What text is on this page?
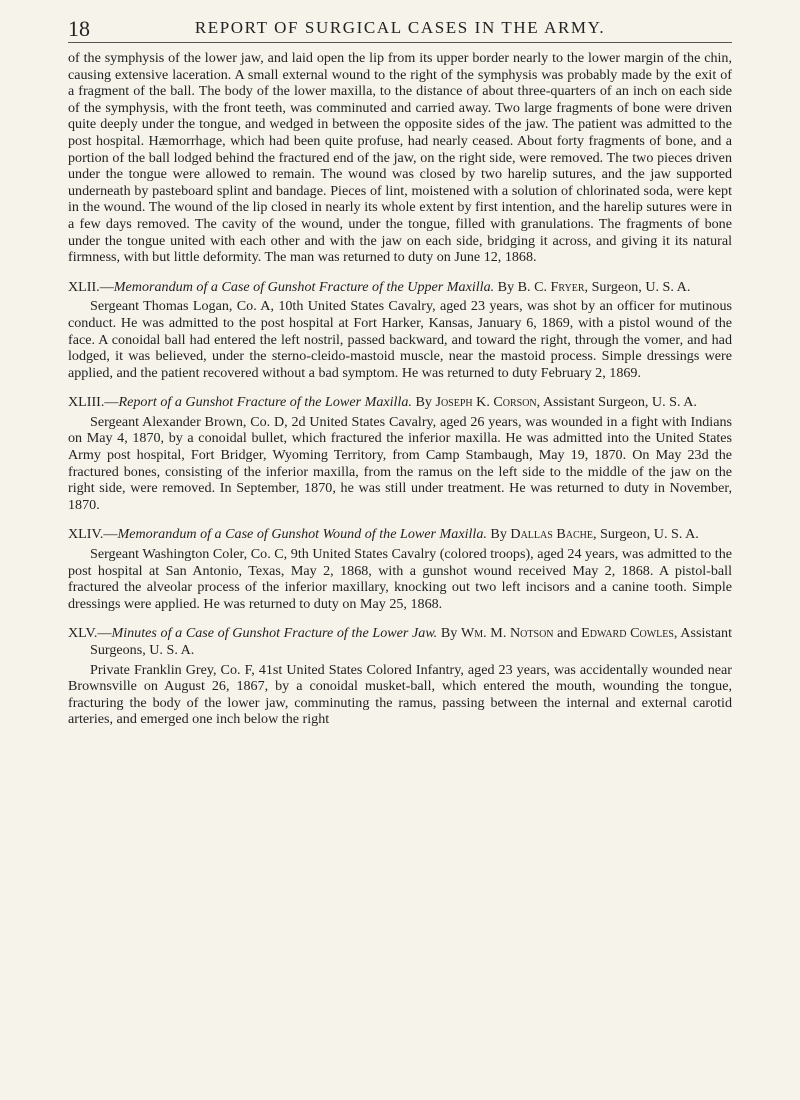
18	REPORT OF SURGICAL CASES IN THE ARMY.

of the symphysis of the lower jaw, and laid open the lip from its upper border nearly to the lower margin of the chin, causing extensive laceration. A small external wound to the right of the symphysis was probably made by the exit of a fragment of the ball. The body of the lower maxilla, to the distance of about three-quarters of an inch on each side of the symphysis, with the front teeth, was comminuted and carried away. Two large fragments of bone were driven quite deeply under the tongue, and wedged in between the opposite sides of the jaw. The patient was admitted to the post hospital. Hæmorrhage, which had been quite profuse, had nearly ceased. About forty fragments of bone, and a portion of the ball lodged behind the fractured end of the jaw, on the right side, were removed. The two pieces driven under the tongue were allowed to remain. The wound was closed by two harelip sutures, and the jaw supported underneath by pasteboard splint and bandage. Pieces of lint, moistened with a solution of chlorinated soda, were kept in the wound. The wound of the lip closed in nearly its whole extent by first intention, and the harelip sutures were in a few days removed. The cavity of the wound, under the tongue, filled with granulations. The fragments of bone under the tongue united with each other and with the jaw on each side, bridging it across, and giving it its natural firmness, with but little deformity. The man was returned to duty on June 12, 1868.

XLII.—Memorandum of a Case of Gunshot Fracture of the Upper Maxilla. By B. C. Fryer, Surgeon, U. S. A.

Sergeant Thomas Logan, Co. A, 10th United States Cavalry, aged 23 years, was shot by an officer for mutinous conduct. He was admitted to the post hospital at Fort Harker, Kansas, January 6, 1869, with a pistol wound of the face. A conoidal ball had entered the left nostril, passed backward, and toward the right, through the vomer, and had lodged, it was believed, under the sterno-cleido-mastoid muscle, near the mastoid process. Simple dressings were applied, and the patient recovered without a bad symptom. He was returned to duty February 2, 1869.

XLIII.—Report of a Gunshot Fracture of the Lower Maxilla. By Joseph K. Corson, Assistant Surgeon, U. S. A.

Sergeant Alexander Brown, Co. D, 2d United States Cavalry, aged 26 years, was wounded in a fight with Indians on May 4, 1870, by a conoidal bullet, which fractured the inferior maxilla. He was admitted into the United States Army post hospital, Fort Bridger, Wyoming Territory, from Camp Stambaugh, May 19, 1870. On May 23d the fractured bones, consisting of the inferior maxilla, from the ramus on the left side to the middle of the jaw on the right side, were removed. In September, 1870, he was still under treatment. He was returned to duty in November, 1870.

XLIV.—Memorandum of a Case of Gunshot Wound of the Lower Maxilla. By Dallas Bache, Surgeon, U. S. A.

Sergeant Washington Coler, Co. C, 9th United States Cavalry (colored troops), aged 24 years, was admitted to the post hospital at San Antonio, Texas, May 2, 1868, with a gunshot wound received May 2, 1868. A pistol-ball fractured the alveolar process of the inferior maxillary, knocking out two left incisors and a canine tooth. Simple dressings were applied. He was returned to duty on May 25, 1868.

XLV.—Minutes of a Case of Gunshot Fracture of the Lower Jaw. By Wm. M. Notson and Edward Cowles, Assistant Surgeons, U. S. A.

Private Franklin Grey, Co. F, 41st United States Colored Infantry, aged 23 years, was accidentally wounded near Brownsville on August 26, 1867, by a conoidal musket-ball, which entered the mouth, wounding the tongue, fracturing the body of the lower jaw, comminuting the ramus, passing between the internal and external carotid arteries, and emerged one inch below the right
